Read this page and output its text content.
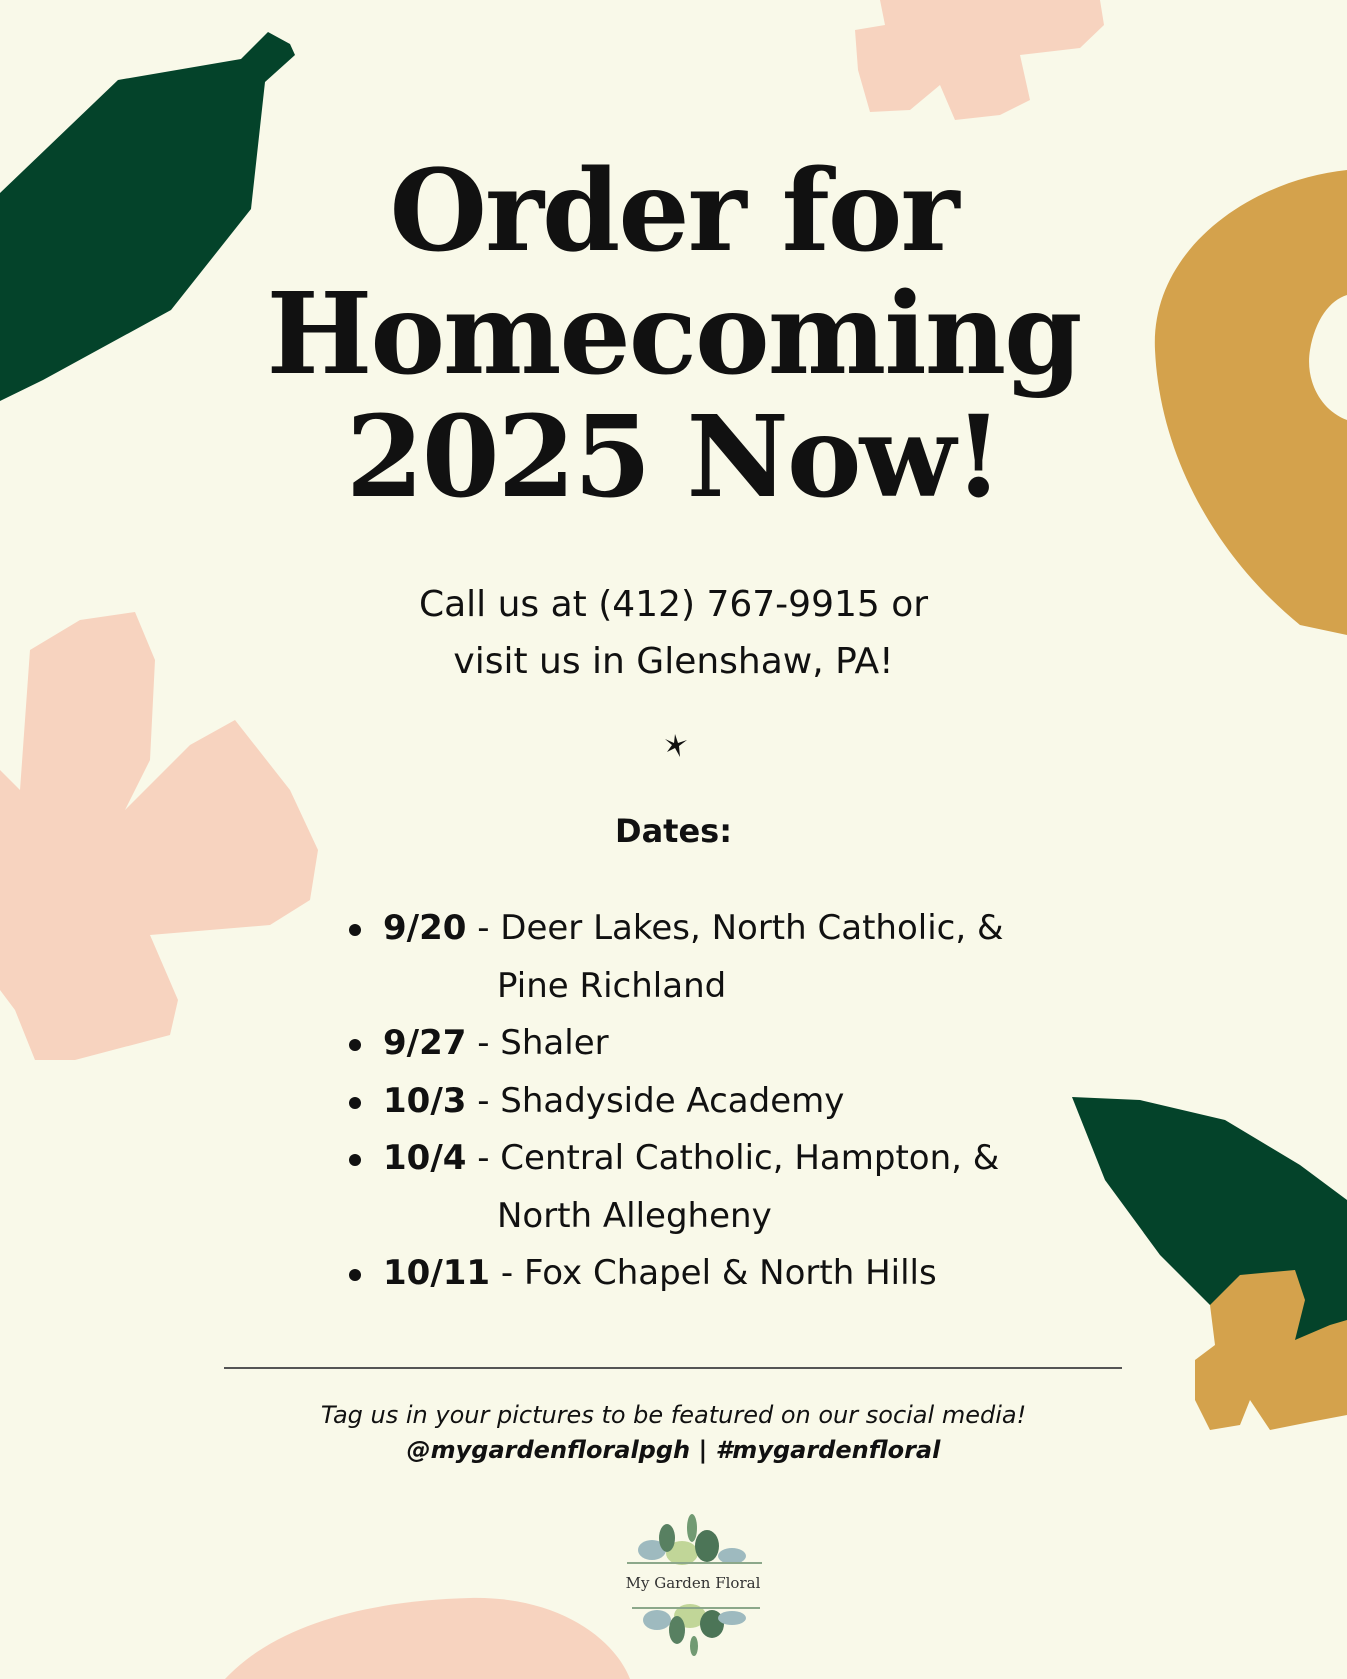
Order for
Homecoming
2025 Now!
Call us at (412) 767-9915 or
visit us in Glenshaw, PA!
Dates:
9/20 - Deer Lakes, North Catholic, &
Pine Richland
9/27 - Shaler
10/3 - Shadyside Academy
10/4 - Central Catholic, Hampton, &
North Allegheny
10/11 - Fox Chapel & North Hills
Tag us in your pictures to be featured on our social media!
@mygardenfloralpgh | #mygardenfloral
My Garden Floral
